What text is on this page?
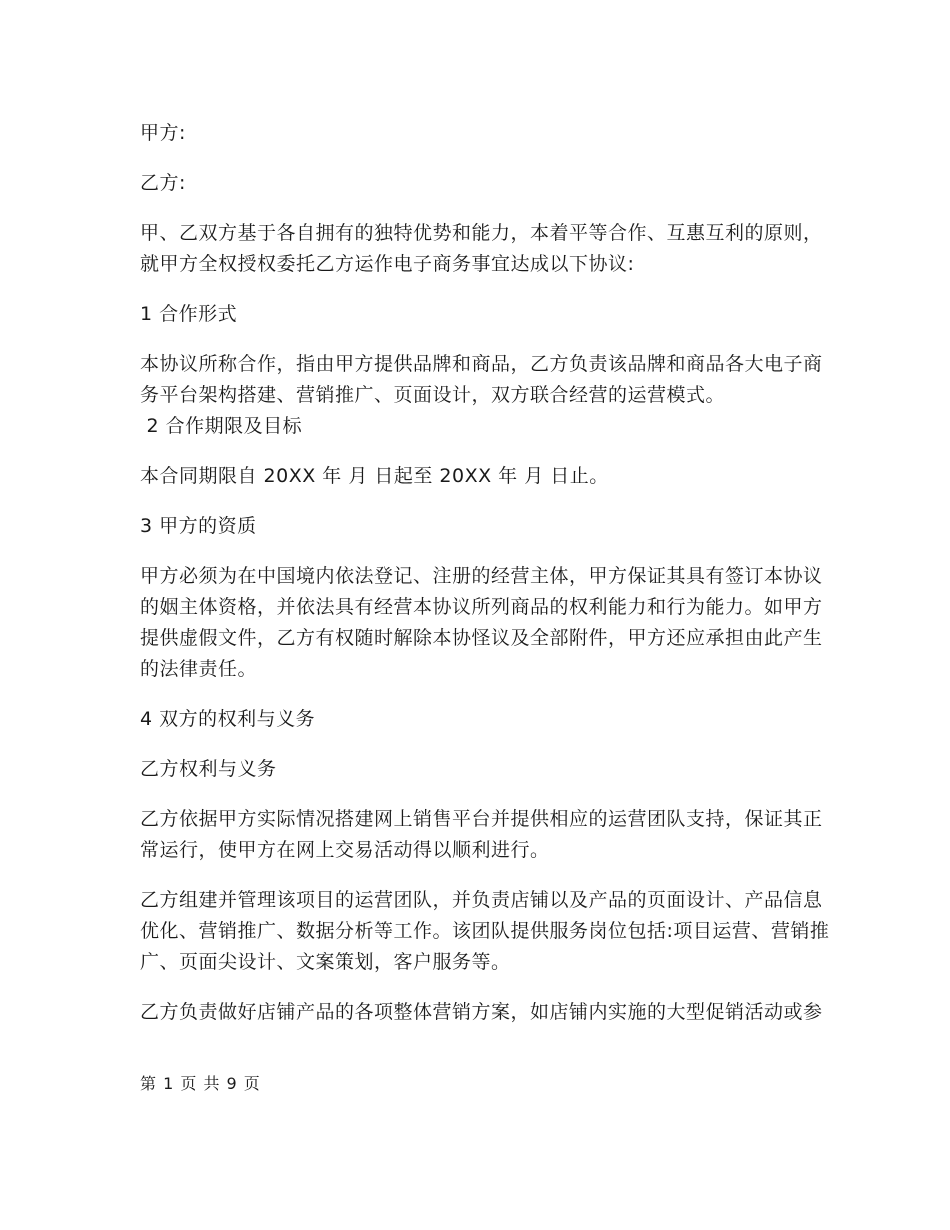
甲方:

乙方:

甲、乙双方基于各自拥有的独特优势和能力，本着平等合作、互惠互利的原则，就甲方全权授权委托乙方运作电子商务事宜达成以下协议:

1 合作形式

本协议所称合作，指由甲方提供品牌和商品，乙方负责该品牌和商品各大电子商务平台架构搭建、营销推广、页面设计，双方联合经营的运营模式。

2 合作期限及目标

本合同期限自 20XX 年 月 日起至 20XX 年 月 日止。

3 甲方的资质

甲方必须为在中国境内依法登记、注册的经营主体，甲方保证其具有签订本协议的姻主体资格，并依法具有经营本协议所列商品的权利能力和行为能力。如甲方提供虚假文件，乙方有权随时解除本协怪议及全部附件，甲方还应承担由此产生的法律责任。

4 双方的权利与义务

乙方权利与义务

乙方依据甲方实际情况搭建网上销售平台并提供相应的运营团队支持，保证其正常运行，使甲方在网上交易活动得以顺利进行。

乙方组建并管理该项目的运营团队，并负责店铺以及产品的页面设计、产品信息优化、营销推广、数据分析等工作。该团队提供服务岗位包括:项目运营、营销推广、页面尖设计、文案策划，客户服务等。

乙方负责做好店铺产品的各项整体营销方案，如店铺内实施的大型促销活动或参

第 1 页 共 9 页
